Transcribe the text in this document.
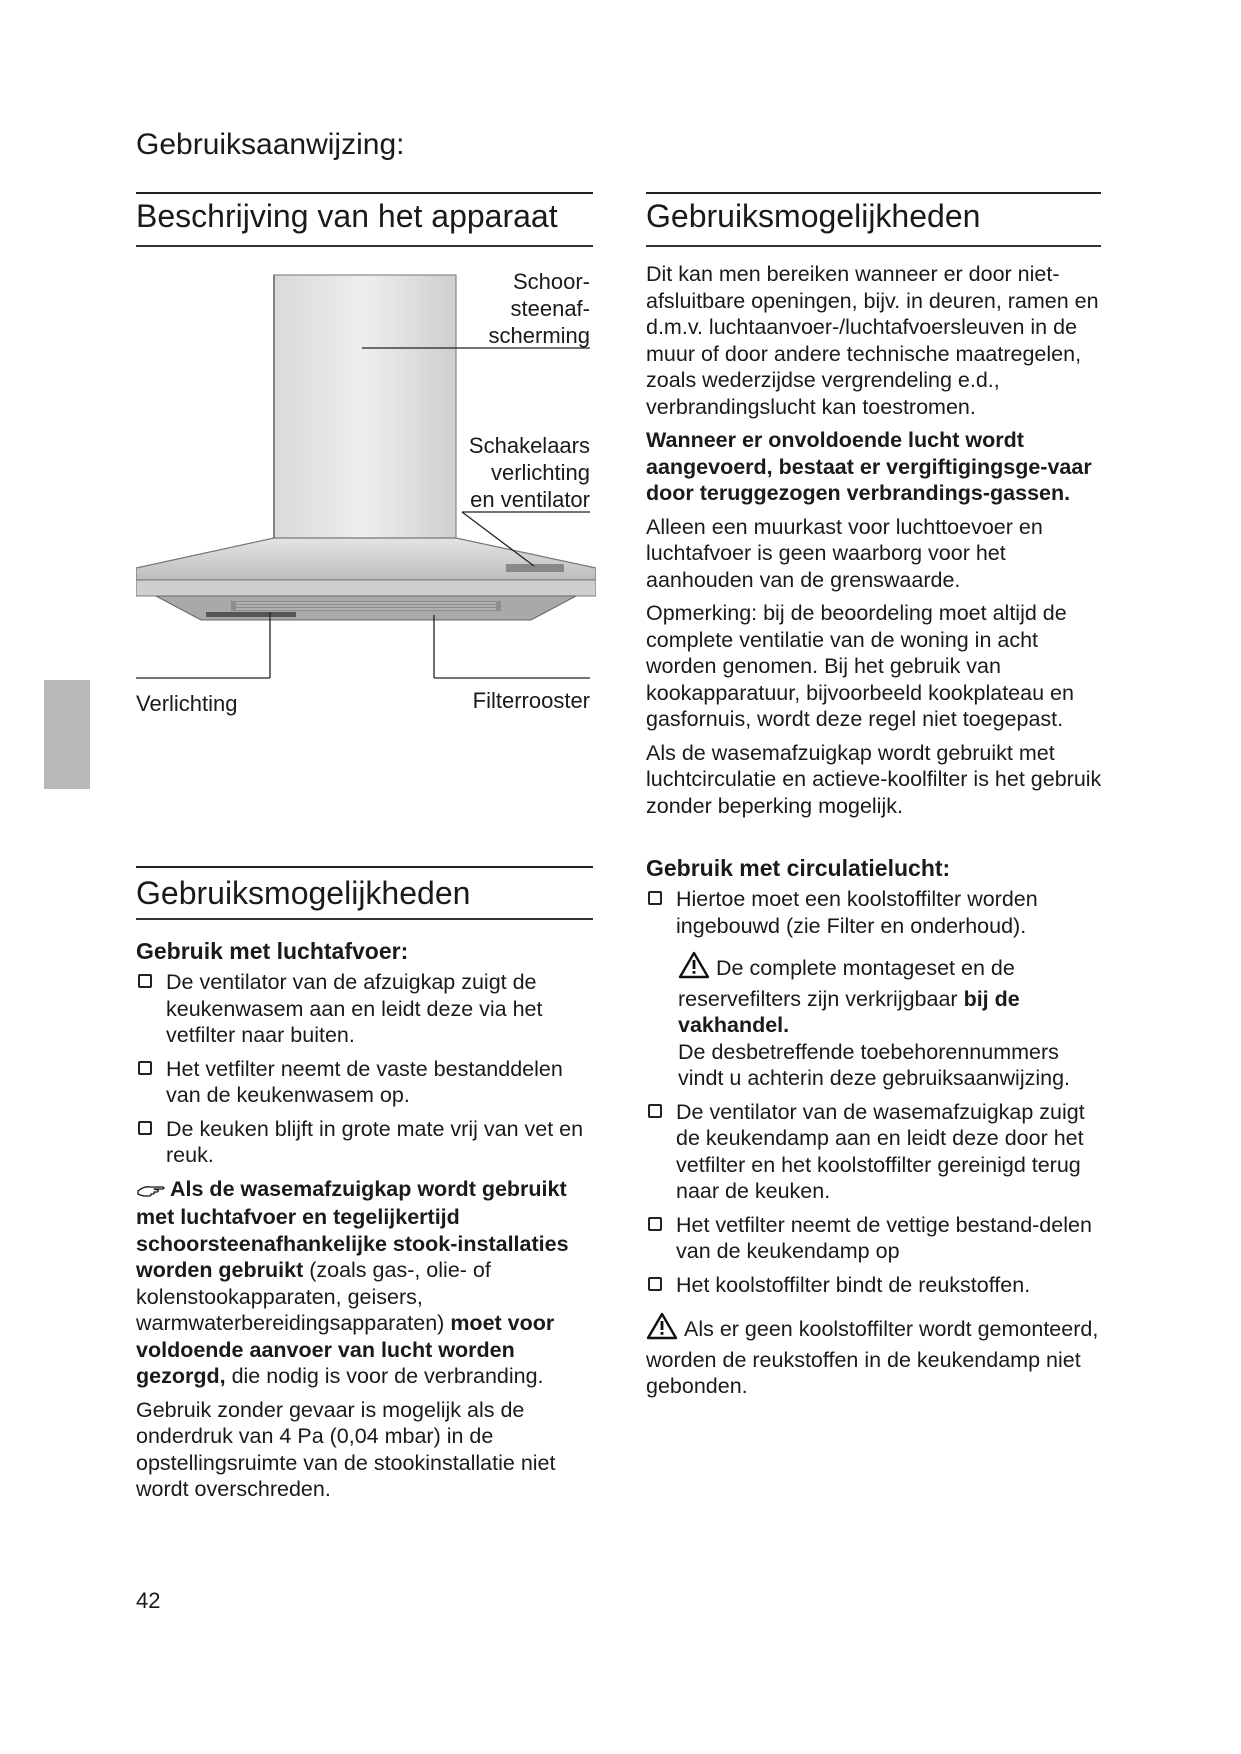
Gebruiksaanwijzing:
Beschrijving van het apparaat
Schoor-
steenaf-
scherming
Schakelaars
verlichting
en ventilator
Verlichting	Filterrooster
Gebruiksmogelijkheden
Gebruik met luchtafvoer:
De ventilator van de afzuigkap zuigt de keukenwasem aan en leidt deze via het vetfilter naar buiten.
Het vetfilter neemt de vaste bestanddelen van de keukenwasem op.
De keuken blijft in grote mate vrij van vet en reuk.

Als de wasemafzuigkap wordt gebruikt met luchtafvoer en tegelijkertijd schoorsteenafhankelijke stook-installaties worden gebruikt (zoals gas-, olie- of kolenstookapparaten, geisers, warmwaterbereidingsapparaten) moet voor voldoende aanvoer van lucht worden gezorgd, die nodig is voor de verbranding.

Gebruik zonder gevaar is mogelijk als de onderdruk van 4 Pa (0,04 mbar) in de opstellingsruimte van de stookinstallatie niet wordt overschreden.

Gebruiksmogelijkheden

Dit kan men bereiken wanneer er door niet-afsluitbare openingen, bijv. in deuren, ramen en d.m.v. luchtaanvoer-/luchtafvoersleuven in de muur of door andere technische maatregelen, zoals wederzijdse vergrendeling e.d., verbrandingslucht kan toestromen.

Wanneer er onvoldoende lucht wordt aangevoerd, bestaat er vergiftigingsge-vaar door teruggezogen verbrandings-gassen.

Alleen een muurkast voor luchttoevoer en luchtafvoer is geen waarborg voor het aanhouden van de grenswaarde.

Opmerking: bij de beoordeling moet altijd de complete ventilatie van de woning in acht worden genomen. Bij het gebruik van kookapparatuur, bijvoorbeeld kookplateau en gasfornuis, wordt deze regel niet toegepast.

Als de wasemafzuigkap wordt gebruikt met luchtcirculatie en actieve-koolfilter is het gebruik zonder beperking mogelijk.

Gebruik met circulatielucht:
Hiertoe moet een koolstoffilter worden ingebouwd (zie Filter en onderhoud).
De complete montageset en de reservefilters zijn verkrijgbaar bij de vakhandel.
De desbetreffende toebehorennummers vindt u achterin deze gebruiksaanwijzing.
De ventilator van de wasemafzuigkap zuigt de keukendamp aan en leidt deze door het vetfilter en het koolstoffilter gereinigd terug naar de keuken.
Het vetfilter neemt de vettige bestand-delen van de keukendamp op
Het koolstoffilter bindt de reukstoffen.

Als er geen koolstoffilter wordt gemonteerd, worden de reukstoffen in de keukendamp niet gebonden.

42
